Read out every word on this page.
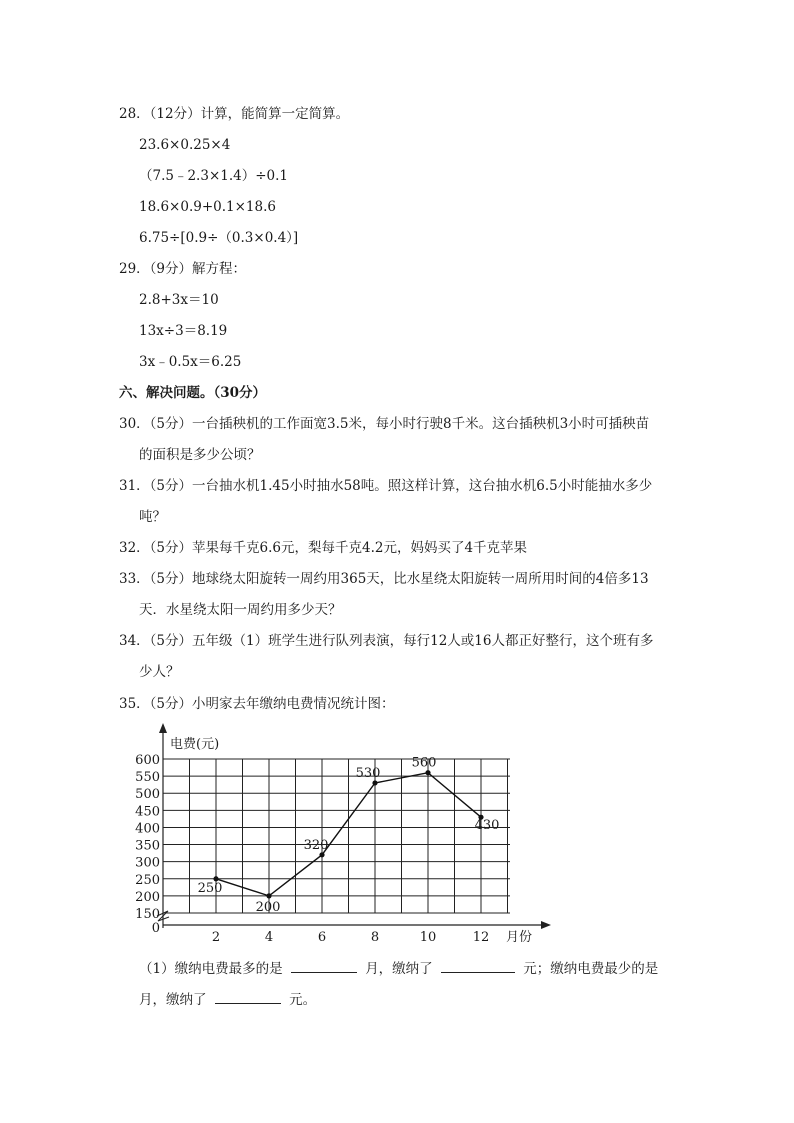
28．（12分）计算，能简算一定简算。
23.6×0.25×4
（7.5﹣2.3×1.4）÷0.1
18.6×0.9+0.1×18.6
6.75÷[0.9÷（0.3×0.4）]
29．（9分）解方程：
2.8+3x＝10
13x÷3＝8.19
3x﹣0.5x＝6.25
六、解决问题。（30分）
30．（5分）一台插秧机的工作面宽3.5米，每小时行驶8千米。这台插秧机3小时可插秧苗
的面积是多少公顷？
31．（5分）一台抽水机1.45小时抽水58吨。照这样计算，这台抽水机6.5小时能抽水多少
吨？
32．（5分）苹果每千克6.6元，梨每千克4.2元，妈妈买了4千克苹果
33．（5分）地球绕太阳旋转一周约用365天，比水星绕太阳旋转一周所用时间的4倍多13
天．水星绕太阳一周约用多少天？
34．（5分）五年级（1）班学生进行队列表演，每行12人或16人都正好整行，这个班有多
少人？
35．（5分）小明家去年缴纳电费情况统计图：
0
150
200
250
300
350
400
450
500
550
600
2	4	6	8	10	12
电费(元)
月份
250
200
320
530
560
430
（1）缴纳电费最多的是	月，缴纳了	元；缴纳电费最少的是
月，缴纳了	元。
